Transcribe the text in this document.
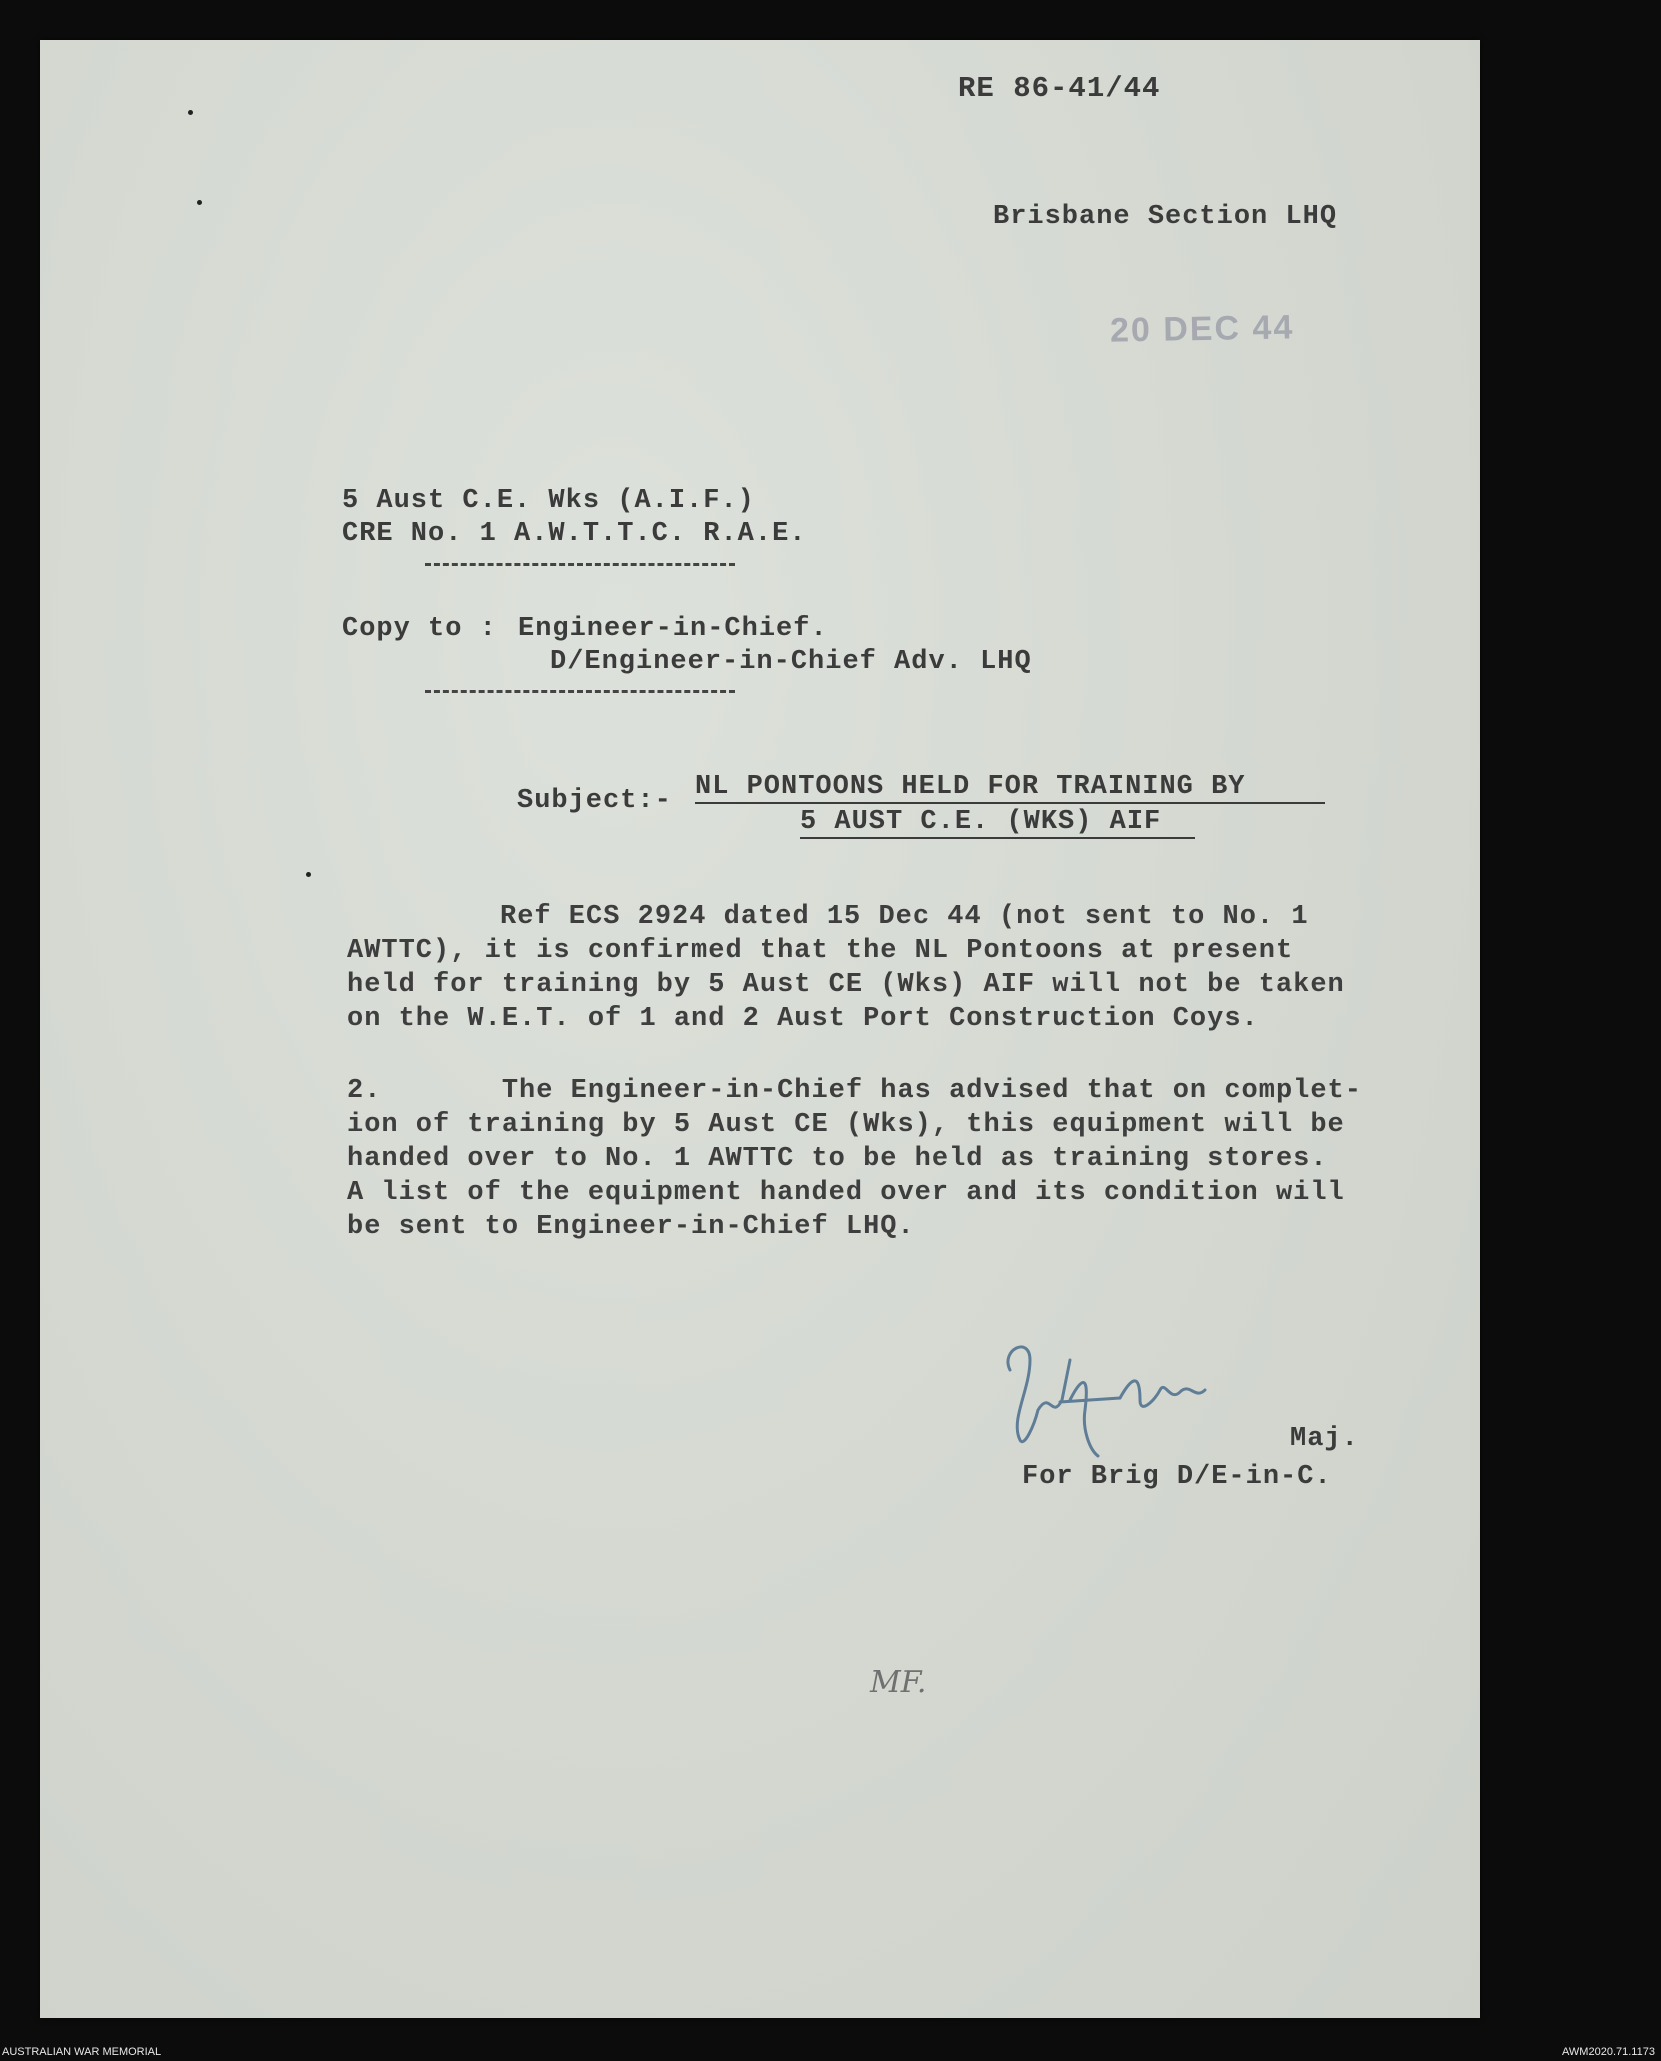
RE 86-41/44
Brisbane Section LHQ
20 DEC 44
5 Aust C.E. Wks (A.I.F.)
CRE No. 1 A.W.T.T.C. R.A.E.
Copy to : Engineer-in-Chief.
D/Engineer-in-Chief Adv. LHQ
Subject:- NL PONTOONS HELD FOR TRAINING BY
5 AUST C.E. (WKS) AIF
Ref ECS 2924 dated 15 Dec 44 (not sent to No. 1
AWTTC), it is confirmed that the NL Pontoons at present
held for training by 5 Aust CE (Wks) AIF will not be taken
on the W.E.T. of 1 and 2 Aust Port Construction Coys.
2.       The Engineer-in-Chief has advised that on complet-
ion of training by 5 Aust CE (Wks), this equipment will be
handed over to No. 1 AWTTC to be held as training stores.
A list of the equipment handed over and its condition will
be sent to Engineer-in-Chief LHQ.
Maj.
For Brig D/E-in-C.
MF.
AUSTRALIAN WAR MEMORIAL	AWM2020.71.1173
